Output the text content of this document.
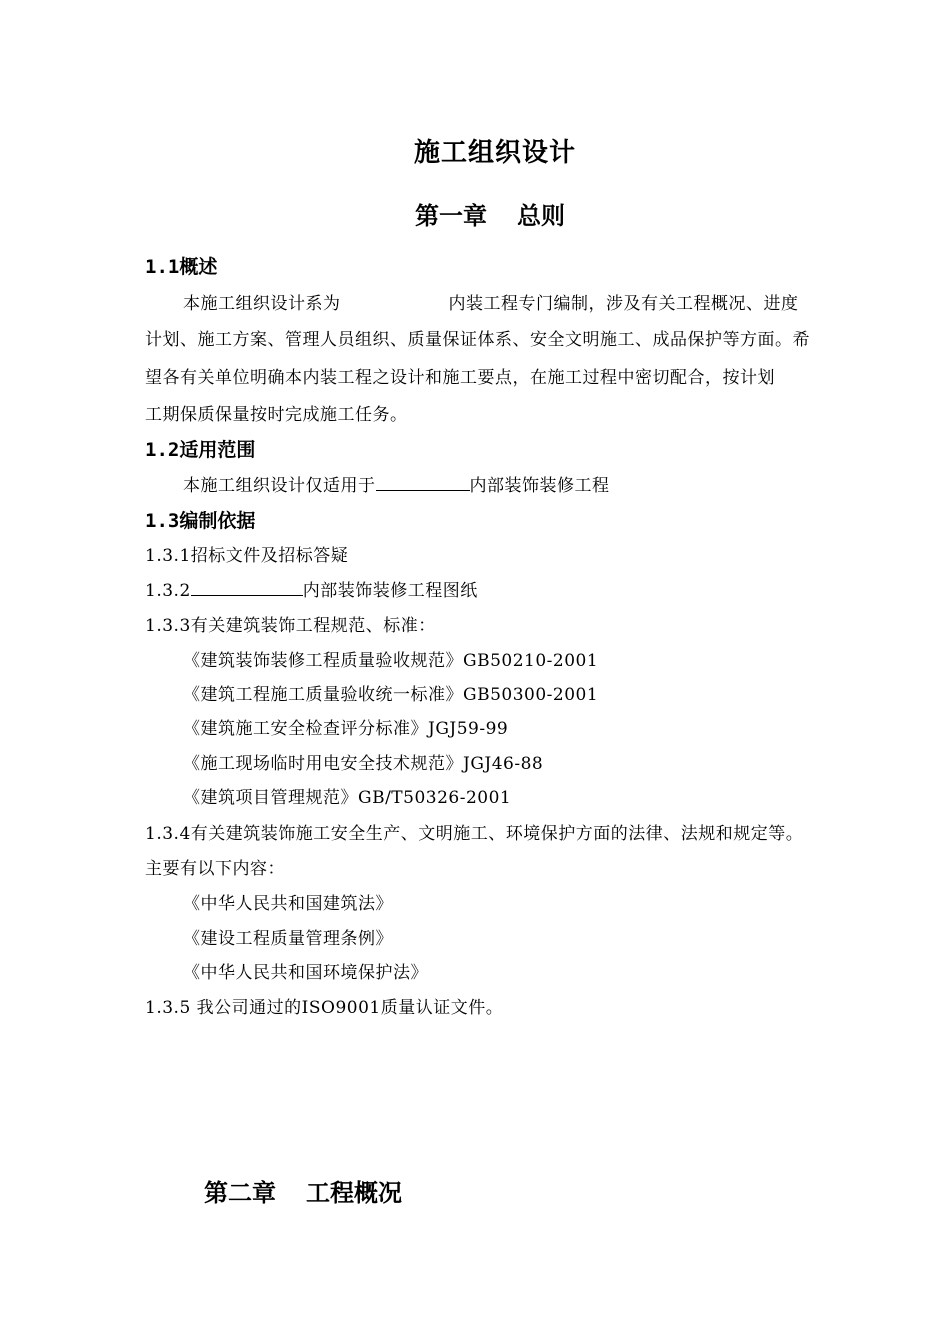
施工组织设计
第一章 总则
1.1概述
本施工组织设计系为	内装工程专门编制，涉及有关工程概况、进度
计划、施工方案、管理人员组织、质量保证体系、安全文明施工、成品保护等方面。希
望各有关单位明确本内装工程之设计和施工要点，在施工过程中密切配合，按计划
工期保质保量按时完成施工任务。
1.2适用范围
本施工组织设计仅适用于	内部装饰装修工程
1.3编制依据
1.3.1招标文件及招标答疑
1.3.2	内部装饰装修工程图纸
1.3.3有关建筑装饰工程规范、标准：
《建筑装饰装修工程质量验收规范》GB50210-2001
《建筑工程施工质量验收统一标准》GB50300-2001
《建筑施工安全检查评分标准》JGJ59-99
《施工现场临时用电安全技术规范》JGJ46-88
《建筑项目管理规范》GB/T50326-2001
1.3.4有关建筑装饰施工安全生产、文明施工、环境保护方面的法律、法规和规定等。
主要有以下内容：
《中华人民共和国建筑法》
《建设工程质量管理条例》
《中华人民共和国环境保护法》
1.3.5 我公司通过的ISO9001质量认证文件。
第二章 工程概况
